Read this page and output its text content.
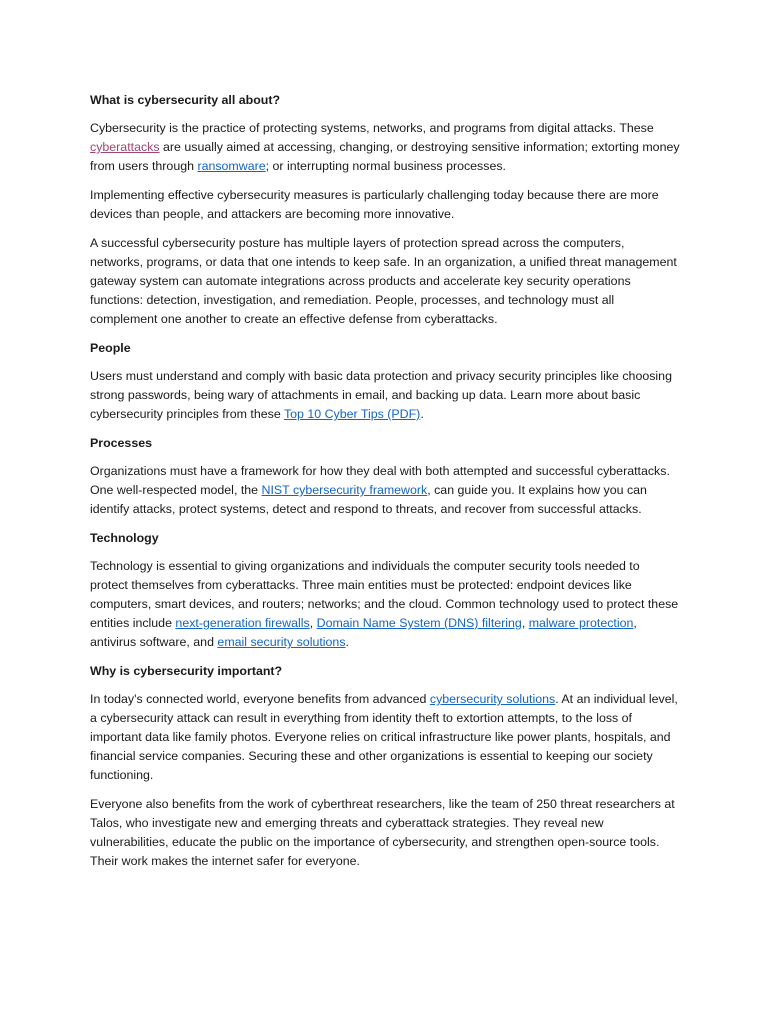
What is cybersecurity all about?
Cybersecurity is the practice of protecting systems, networks, and programs from digital attacks. These cyberattacks are usually aimed at accessing, changing, or destroying sensitive information; extorting money from users through ransomware; or interrupting normal business processes.
Implementing effective cybersecurity measures is particularly challenging today because there are more devices than people, and attackers are becoming more innovative.
A successful cybersecurity posture has multiple layers of protection spread across the computers, networks, programs, or data that one intends to keep safe. In an organization, a unified threat management gateway system can automate integrations across products and accelerate key security operations functions: detection, investigation, and remediation. People, processes, and technology must all complement one another to create an effective defense from cyberattacks.
People
Users must understand and comply with basic data protection and privacy security principles like choosing strong passwords, being wary of attachments in email, and backing up data. Learn more about basic cybersecurity principles from these Top 10 Cyber Tips (PDF).
Processes
Organizations must have a framework for how they deal with both attempted and successful cyberattacks. One well-respected model, the NIST cybersecurity framework, can guide you. It explains how you can identify attacks, protect systems, detect and respond to threats, and recover from successful attacks.
Technology
Technology is essential to giving organizations and individuals the computer security tools needed to protect themselves from cyberattacks. Three main entities must be protected: endpoint devices like computers, smart devices, and routers; networks; and the cloud. Common technology used to protect these entities include next-generation firewalls, Domain Name System (DNS) filtering, malware protection, antivirus software, and email security solutions.
Why is cybersecurity important?
In today's connected world, everyone benefits from advanced cybersecurity solutions. At an individual level, a cybersecurity attack can result in everything from identity theft to extortion attempts, to the loss of important data like family photos. Everyone relies on critical infrastructure like power plants, hospitals, and financial service companies. Securing these and other organizations is essential to keeping our society functioning.
Everyone also benefits from the work of cyberthreat researchers, like the team of 250 threat researchers at Talos, who investigate new and emerging threats and cyberattack strategies. They reveal new vulnerabilities, educate the public on the importance of cybersecurity, and strengthen open-source tools. Their work makes the internet safer for everyone.
